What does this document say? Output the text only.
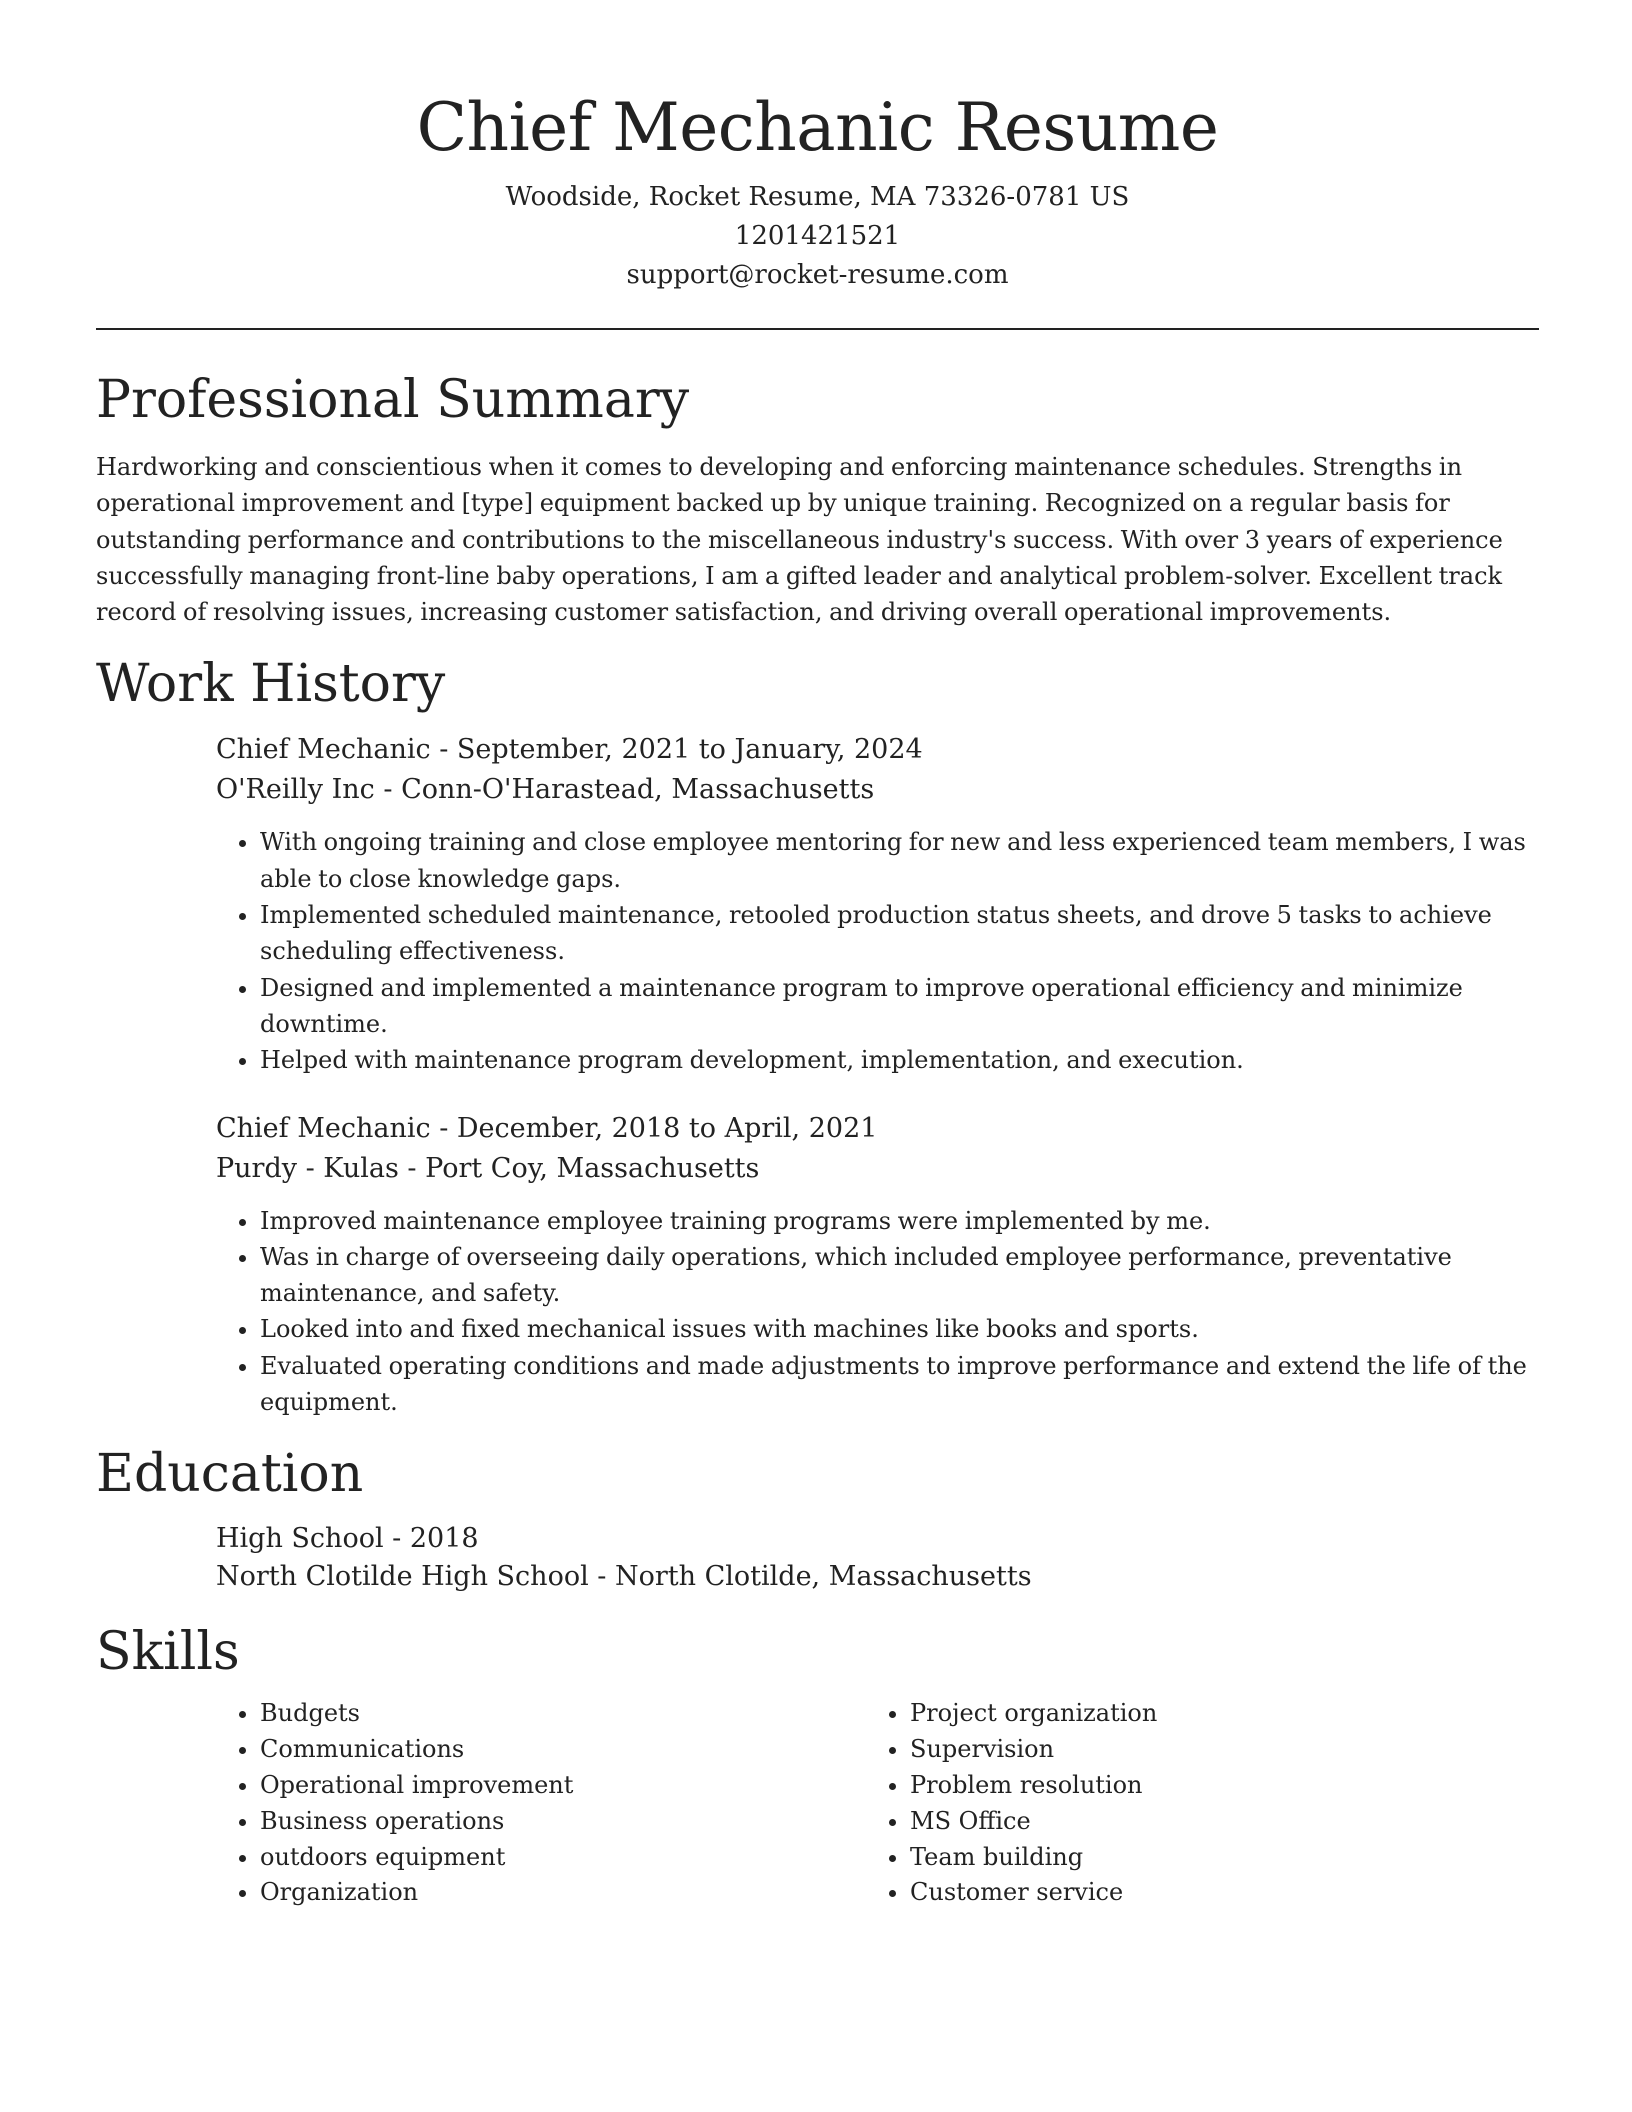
Chief Mechanic Resume
Woodside, Rocket Resume, MA 73326-0781 US
1201421521
support@rocket-resume.com
Professional Summary

Hardworking and conscientious when it comes to developing and enforcing maintenance schedules. Strengths in operational improvement and [type] equipment backed up by unique training. Recognized on a regular basis for outstanding performance and contributions to the miscellaneous industry's success. With over 3 years of experience successfully managing front-line baby operations, I am a gifted leader and analytical problem-solver. Excellent track record of resolving issues, increasing customer satisfaction, and driving overall operational improvements.

Work History
Chief Mechanic - September, 2021 to January, 2024
O'Reilly Inc - Conn-O'Harastead, Massachusetts
• With ongoing training and close employee mentoring for new and less experienced team members, I was able to close knowledge gaps.
• Implemented scheduled maintenance, retooled production status sheets, and drove 5 tasks to achieve scheduling effectiveness.
• Designed and implemented a maintenance program to improve operational efficiency and minimize downtime.
• Helped with maintenance program development, implementation, and execution.
Chief Mechanic - December, 2018 to April, 2021
Purdy - Kulas - Port Coy, Massachusetts
• Improved maintenance employee training programs were implemented by me.
• Was in charge of overseeing daily operations, which included employee performance, preventative maintenance, and safety.
• Looked into and fixed mechanical issues with machines like books and sports.
• Evaluated operating conditions and made adjustments to improve performance and extend the life of the equipment.
Education
High School - 2018
North Clotilde High School - North Clotilde, Massachusetts
Skills
• Budgets
• Communications
• Operational improvement
• Business operations
• outdoors equipment
• Organization
• Project organization
• Supervision
• Problem resolution
• MS Office
• Team building
• Customer service
